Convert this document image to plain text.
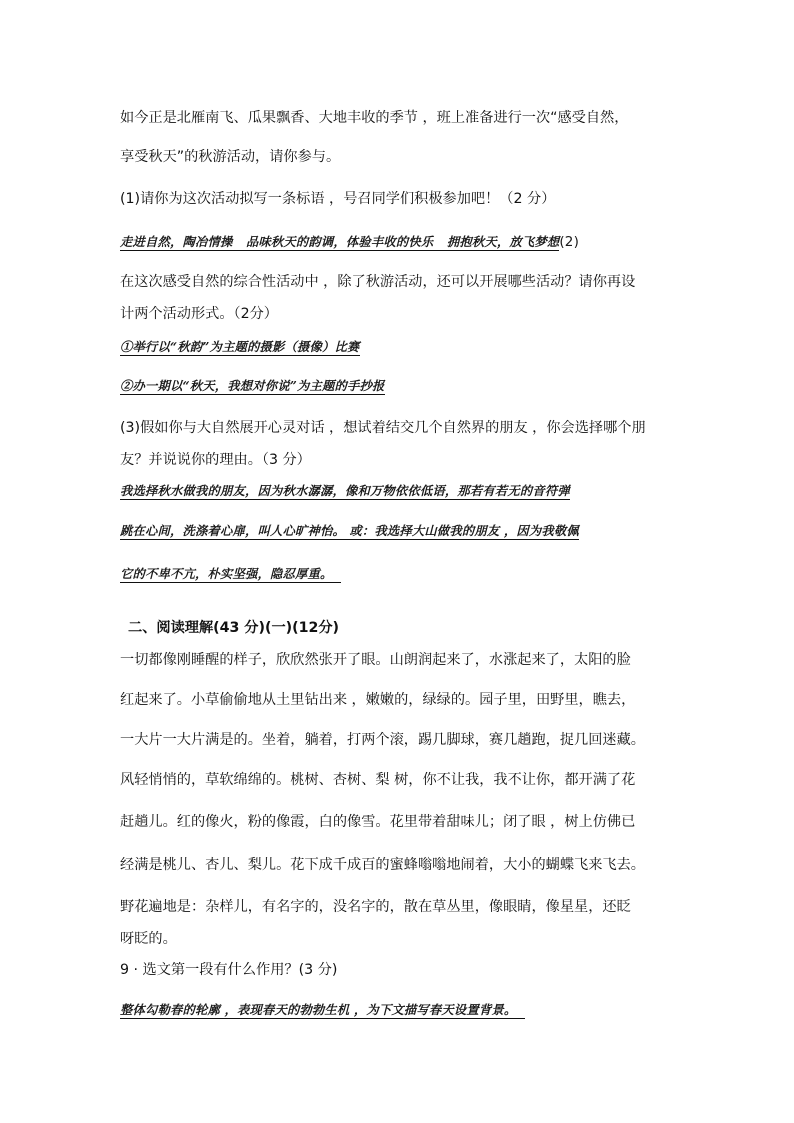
如今正是北雁南飞、瓜果飘香、大地丰收的季节 ，班上准备进行一次“感受自然，
享受秋天”的秋游活动，请你参与。
(1)请你为这次活动拟写一条标语 ，号召同学们积极参加吧！（2 分）
走进自然，陶冶情操 品味秋天的韵调，体验丰收的快乐 拥抱秋天，放飞梦想(2)
在这次感受自然的综合性活动中 ，除了秋游活动，还可以开展哪些活动？请你再设
计两个活动形式。（2分）
①举行以“秋韵”为主题的摄影（摄像）比赛
②办一期以“秋天，我想对你说”为主题的手抄报
(3)假如你与大自然展开心灵对话 ，想试着结交几个自然界的朋友 ，你会选择哪个朋
友？并说说你的理由。（3 分）
我选择秋水做我的朋友，因为秋水潺潺，像和万物依依低语，那若有若无的音符弹
跳在心间，洗涤着心扉，叫人心旷神怡。 或：我选择大山做我的朋友 ，因为我敬佩
它的不卑不亢，朴实坚强，隐忍厚重。
二、阅读理解(43 分)(一)(12分)
一切都像刚睡醒的样子，欣欣然张开了眼。山朗润起来了，水涨起来了，太阳的脸
红起来了。小草偷偷地从土里钻出来 ，嫩嫩的，绿绿的。园子里，田野里，瞧去，
一大片一大片满是的。坐着，躺着，打两个滚，踢几脚球，赛几趟跑，捉几回迷藏。
风轻悄悄的，草软绵绵的。桃树、杏树、梨 树，你不让我，我不让你，都开满了花
赶趟儿。红的像火，粉的像霞，白的像雪。花里带着甜味儿；闭了眼 ，树上仿佛已
经满是桃儿、杏儿、梨儿。花下成千成百的蜜蜂嗡嗡地闹着，大小的蝴蝶飞来飞去。
野花遍地是：杂样儿，有名字的，没名字的，散在草丛里，像眼睛，像星星，还眨
呀眨的。
9 · 选文第一段有什么作用？(3 分)
整体勾勒春的轮廓 ，表现春天的勃勃生机 ，为下文描写春天设置背景。
